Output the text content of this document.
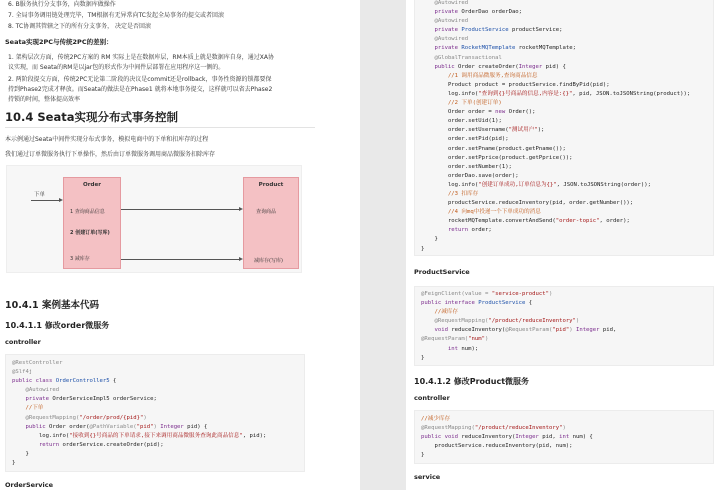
6. B服务执行分支事务，向数据库做操作
7. 全局事务调用链处理完毕，TM根据有无异常向TC发起全局事务的提交或者回滚
8. TC协调其管辖之下的所有分支事务， 决定是否回滚
Seata实现2PC与传统2PC的差别：
1. 架构层次方面，传统2PC方案的 RM 实际上是在数据库层，RM本质上就是数据库自身，通过XA协
议实现，而 Seata的RM是以jar包的形式作为中间件层部署在应用程序这一侧的。
2. 两阶段提交方面，传统2PC无论第二阶段的决议是commit还是rollback，事务性资源的锁都要保
持到Phase2完成才释放。而Seata的做法是在Phase1 就将本地事务提交，这样就可以省去Phase2
持锁的时间，整体提高效率
10.4 Seata实现分布式事务控制
本示例通过Seata中间件实现分布式事务，模拟电商中的下单和扣库存的过程
我们通过订单微服务执行下单操作，然后由订单微服务调用商品微服务扣除库存
下单
Order
1 查询商品信息
2 创建订单(写库)
3 减库存
Product
查询商品
减库存(写库)
10.4.1 案例基本代码
10.4.1.1 修改order微服务
controller
@RestController
@Slf4j
public class OrderController5 {
@Autowired
private OrderServiceImpl5 orderService;
//下单
@RequestMapping("/order/prod/{pid}")
public Order order(@PathVariable("pid") Integer pid) {
log.info("接收到{}号商品的下单请求,接下来调用商品微服务查询此商品信息", pid);
return orderService.createOrder(pid);
}
}
OrderService
@Autowired
private OrderDao orderDao;
@Autowired
private ProductService productService;
@Autowired
private RocketMQTemplate rocketMQTemplate;
@GlobalTransactional
public Order createOrder(Integer pid) {
//1 调用商品微服务,查询商品信息
Product product = productService.findByPid(pid);
log.info("查询到{}号商品的信息,内容是:{}", pid, JSON.toJSONString(product));
//2 下单(创建订单)
Order order = new Order();
order.setUid(1);
order.setUsername("测试用户");
order.setPid(pid);
order.setPname(product.getPname());
order.setPprice(product.getPprice());
order.setNumber(1);
orderDao.save(order);
log.info("创建订单成功,订单信息为{}", JSON.toJSONString(order));
//3 扣库存
productService.reduceInventory(pid, order.getNumber());
//4 向mq中投递一个下单成功的消息
rocketMQTemplate.convertAndSend("order-topic", order);
return order;
}
}
ProductService
@FeignClient(value = "service-product")
public interface ProductService {
//减库存
@RequestMapping("/product/reduceInventory")
void reduceInventory(@RequestParam("pid") Integer pid,
@RequestParam("num")
int num);
}
10.4.1.2 修改Product微服务
controller
//减少库存
@RequestMapping("/product/reduceInventory")
public void reduceInventory(Integer pid, int num) {
productService.reduceInventory(pid, num);
}
service
